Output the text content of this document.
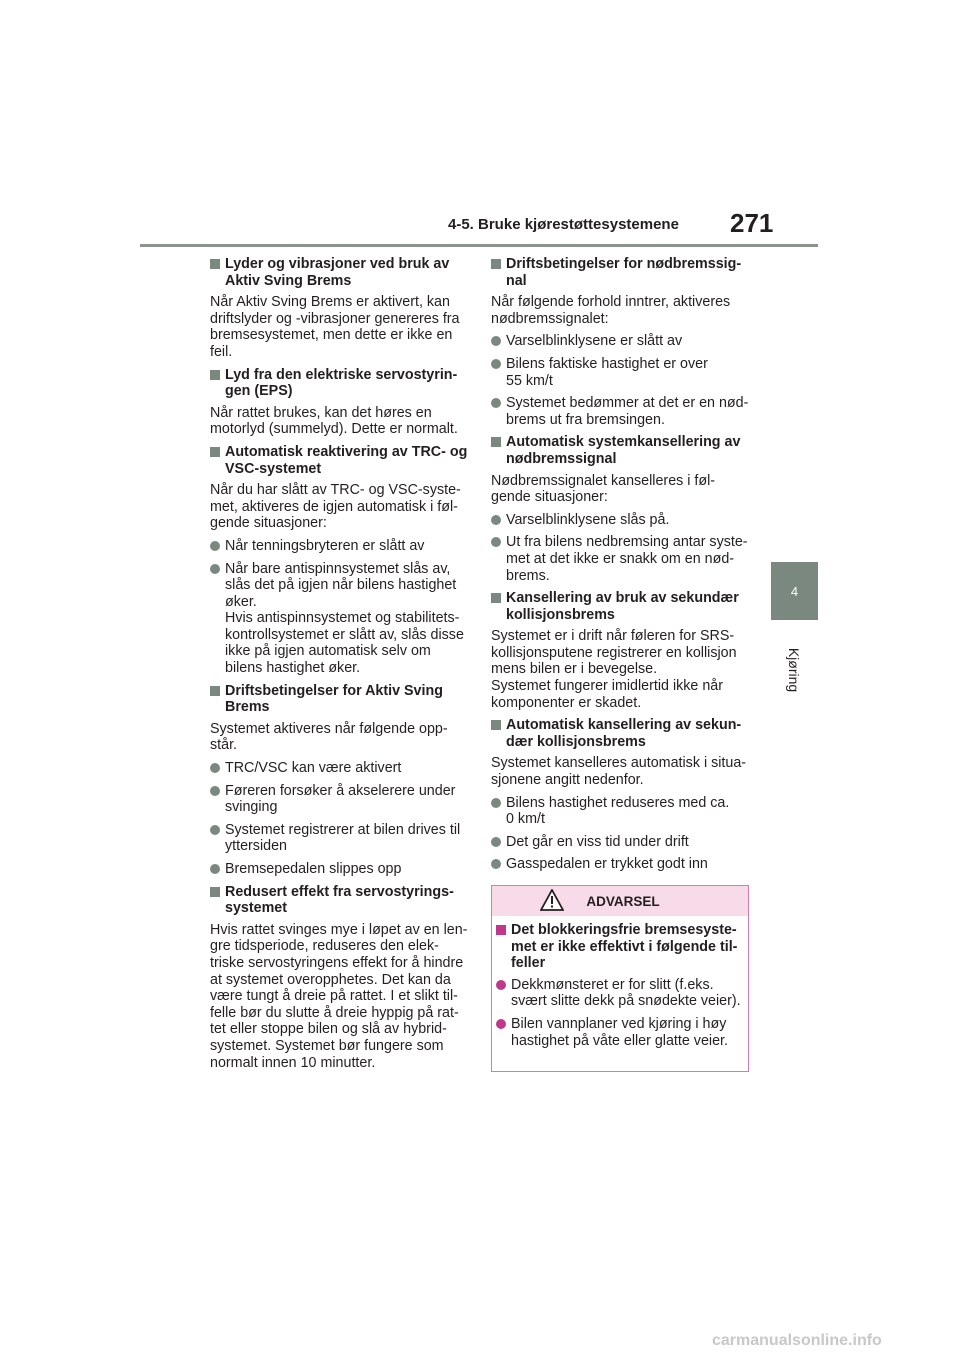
4-5. Bruke kjørestøttesystemene 271
4
Kjøring
Lyder og vibrasjoner ved bruk av Aktiv Sving Brems
Når Aktiv Sving Brems er aktivert, kan driftslyder og -vibrasjoner genereres fra bremsesystemet, men dette er ikke en feil.
Lyd fra den elektriske servostyrin-gen (EPS)
Når rattet brukes, kan det høres en motorlyd (summelyd). Dette er normalt.
Automatisk reaktivering av TRC- og VSC-systemet
Når du har slått av TRC- og VSC-syste-met, aktiveres de igjen automatisk i føl-gende situasjoner:
Når tenningsbryteren er slått av
Når bare antispinnsystemet slås av, slås det på igjen når bilens hastighet øker.
Hvis antispinnsystemet og stabilitets-kontrollsystemet er slått av, slås disse ikke på igjen automatisk selv om bilens hastighet øker.
Driftsbetingelser for Aktiv Sving Brems
Systemet aktiveres når følgende opp-står.
TRC/VSC kan være aktivert
Føreren forsøker å akselerere under svinging
Systemet registrerer at bilen drives til yttersiden
Bremsepedalen slippes opp
Redusert effekt fra servostyrings-systemet
Hvis rattet svinges mye i løpet av en len-gre tidsperiode, reduseres den elek-triske servostyringens effekt for å hindre at systemet overopphetes. Det kan da være tungt å dreie på rattet. I et slikt til-felle bør du slutte å dreie hyppig på rat-tet eller stoppe bilen og slå av hybrid-systemet. Systemet bør fungere som normalt innen 10 minutter.
Driftsbetingelser for nødbremssig-nal
Når følgende forhold inntrer, aktiveres nødbremssignalet:
Varselblinklysene er slått av
Bilens faktiske hastighet er over
55 km/t
Systemet bedømmer at det er en nød-brems ut fra bremsingen.
Automatisk systemkansellering av nødbremssignal
Nødbremssignalet kanselleres i føl-gende situasjoner:
Varselblinklysene slås på.
Ut fra bilens nedbremsing antar syste-met at det ikke er snakk om en nød-brems.
Kansellering av bruk av sekundær kollisjonsbrems
Systemet er i drift når føleren for SRS-kollisjonsputene registrerer en kollisjon mens bilen er i bevegelse.
Systemet fungerer imidlertid ikke når komponenter er skadet.
Automatisk kansellering av sekun-dær kollisjonsbrems
Systemet kanselleres automatisk i situa-sjonene angitt nedenfor.
Bilens hastighet reduseres med ca.
0 km/t
Det går en viss tid under drift
Gasspedalen er trykket godt inn
ADVARSEL
Det blokkeringsfrie bremsesyste-met er ikke effektivt i følgende til-feller
Dekkmønsteret er for slitt (f.eks. svært slitte dekk på snødekte veier).
Bilen vannplaner ved kjøring i høy hastighet på våte eller glatte veier.
carmanualsonline.info
